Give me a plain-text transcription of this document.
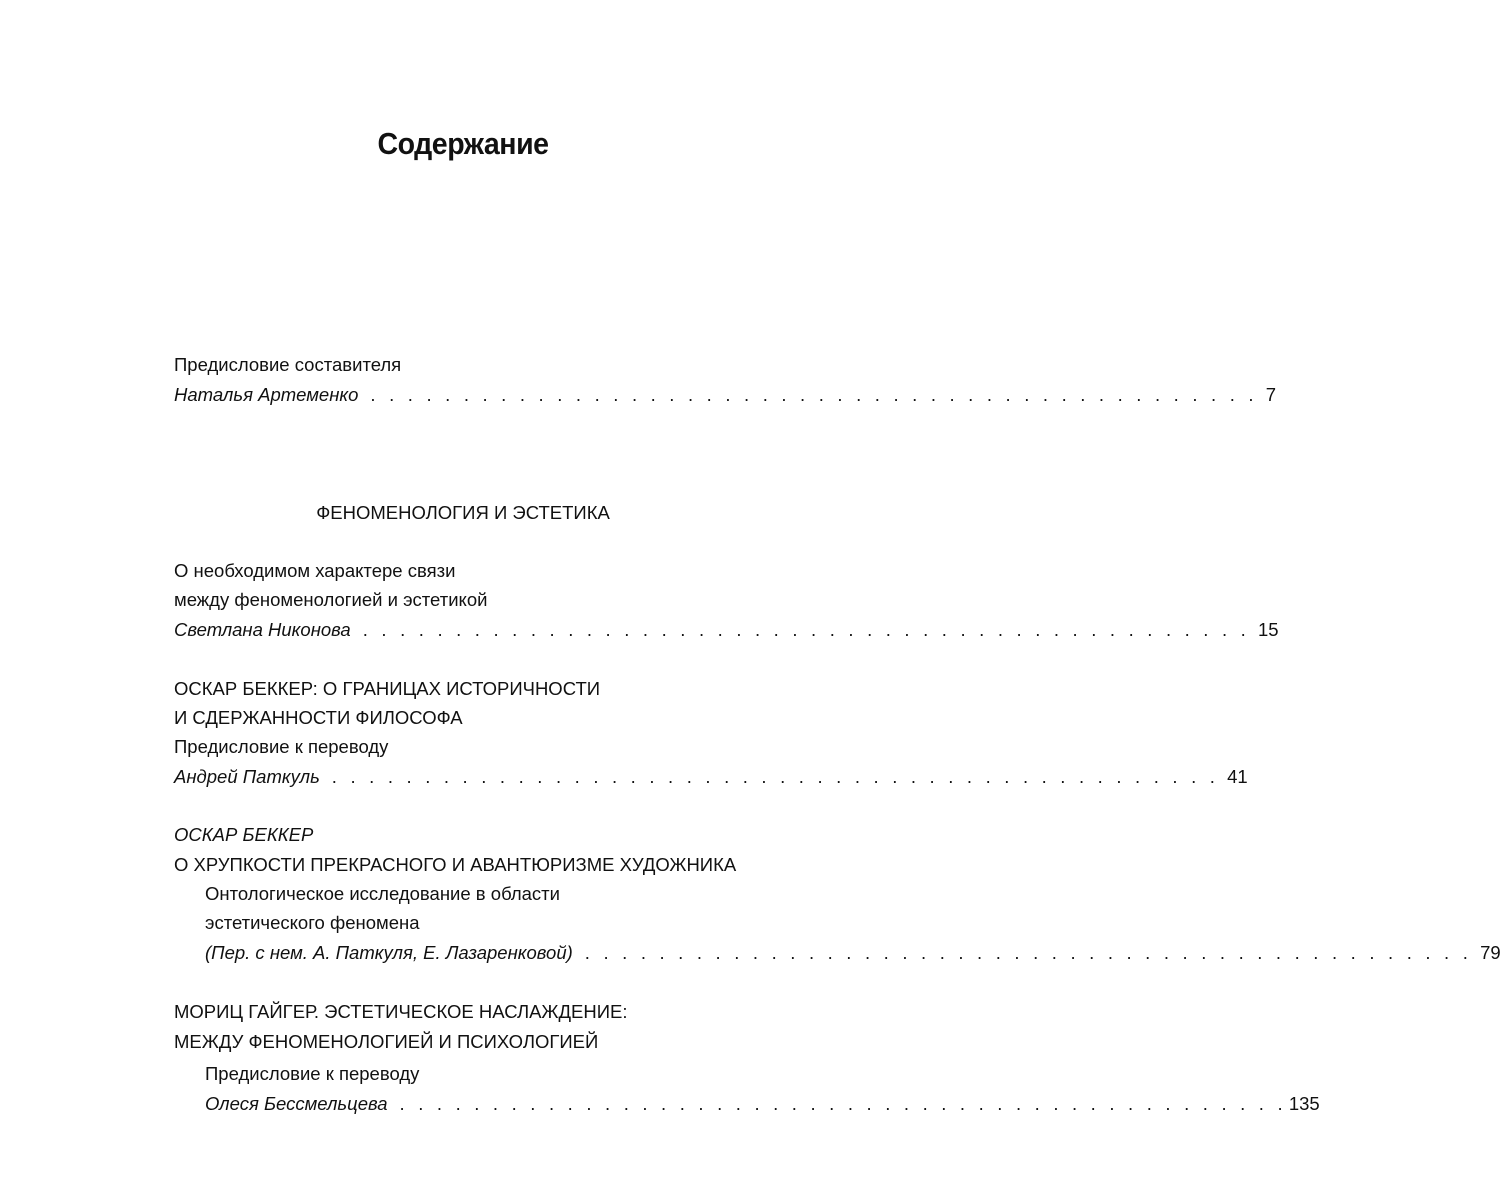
Содержание
Предисловие составителя
Наталья Артеменко . . . . . . . . . . . . . . . . . . . . . . . . . . . . . . . . . . . . . . . . . . . . . . . . 7
ФЕНОМЕНОЛОГИЯ И ЭСТЕТИКА
О необходимом характере связи
между феноменологией и эстетикой
Светлана Никонова . . . . . . . . . . . . . . . . . . . . . . . . . . . . . . . . . . . . . . . . . . . . . . . . 15
ОСКАР БЕККЕР: О ГРАНИЦАХ ИСТОРИЧНОСТИ
И СДЕРЖАННОСТИ ФИЛОСОФА
Предисловие к переводу
Андрей Паткуль . . . . . . . . . . . . . . . . . . . . . . . . . . . . . . . . . . . . . . . . . . . . . . . . 41
ОСКАР БЕККЕР
О ХРУПКОСТИ ПРЕКРАСНОГО И АВАНТЮРИЗМЕ ХУДОЖНИКА
Онтологическое исследование в области
эстетического феномена
(Пер. с нем. А. Паткуля, Е. Лазаренковой) . . . . . . . . . . . . . . . . . . . . . . . . . . . . . . . . . . . . . . . . . . . . . . . . 79
МОРИЦ ГАЙГЕР. ЭСТЕТИЧЕСКОЕ НАСЛАЖДЕНИЕ:
МЕЖДУ ФЕНОМЕНОЛОГИЕЙ И ПСИХОЛОГИЕЙ
Предисловие к переводу
Олеся Бессмельцева . . . . . . . . . . . . . . . . . . . . . . . . . . . . . . . . . . . . . . . . . . . . . . . . 135
